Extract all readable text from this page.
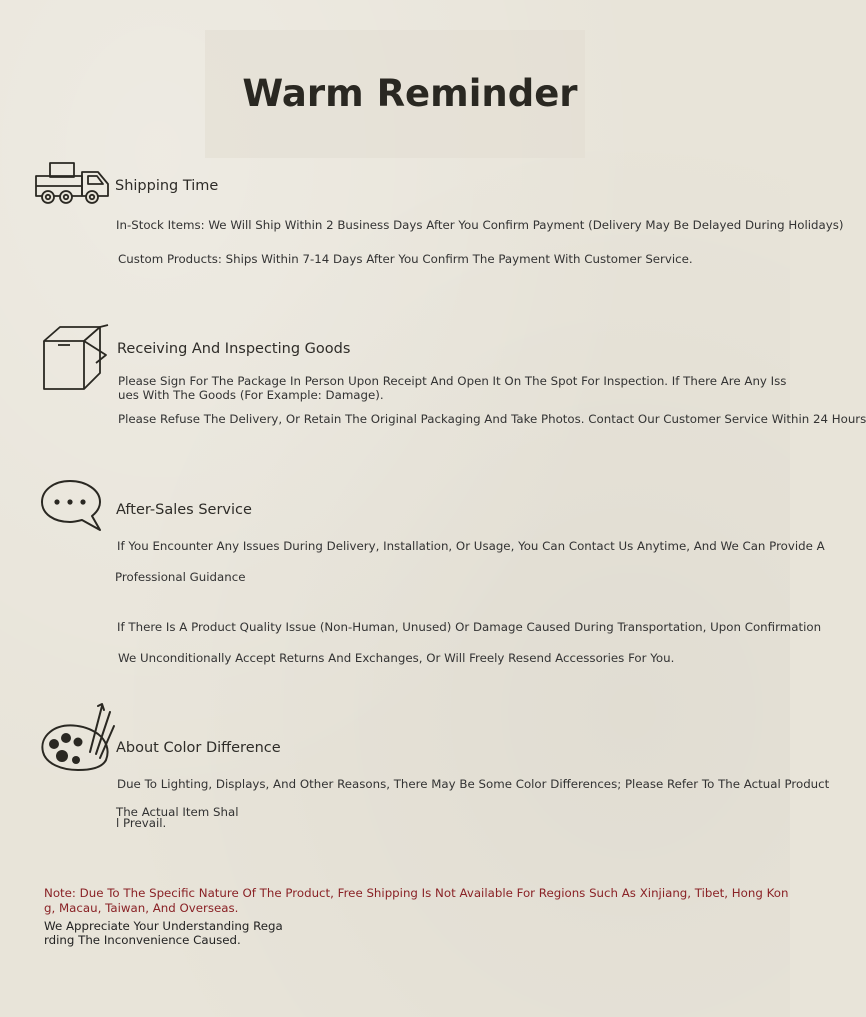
Warm Reminder
Shipping Time
In-Stock Items: We Will Ship Within 2 Business Days After You Confirm Payment (Delivery May Be Delayed During Holidays)
Custom Products: Ships Within 7-14 Days After You Confirm The Payment With Customer Service.
Receiving And Inspecting Goods
Please Sign For The Package In Person Upon Receipt And Open It On The Spot For Inspection. If There Are Any Iss
ues With The Goods (For Example: Damage).
Please Refuse The Delivery, Or Retain The Original Packaging And Take Photos. Contact Our Customer Service Within 24 Hours
After-Sales Service
If You Encounter Any Issues During Delivery, Installation, Or Usage, You Can Contact Us Anytime, And We Can Provide A
Professional Guidance
If There Is A Product Quality Issue (Non-Human, Unused) Or Damage Caused During Transportation, Upon Confirmation
We Unconditionally Accept Returns And Exchanges, Or Will Freely Resend Accessories For You.
About Color Difference
Due To Lighting, Displays, And Other Reasons, There May Be Some Color Differences; Please Refer To The Actual Product
The Actual Item Shal
l Prevail.
Note: Due To The Specific Nature Of The Product, Free Shipping Is Not Available For Regions Such As Xinjiang, Tibet, Hong Kon
g, Macau, Taiwan, And Overseas.
We Appreciate Your Understanding Rega
rding The Inconvenience Caused.
